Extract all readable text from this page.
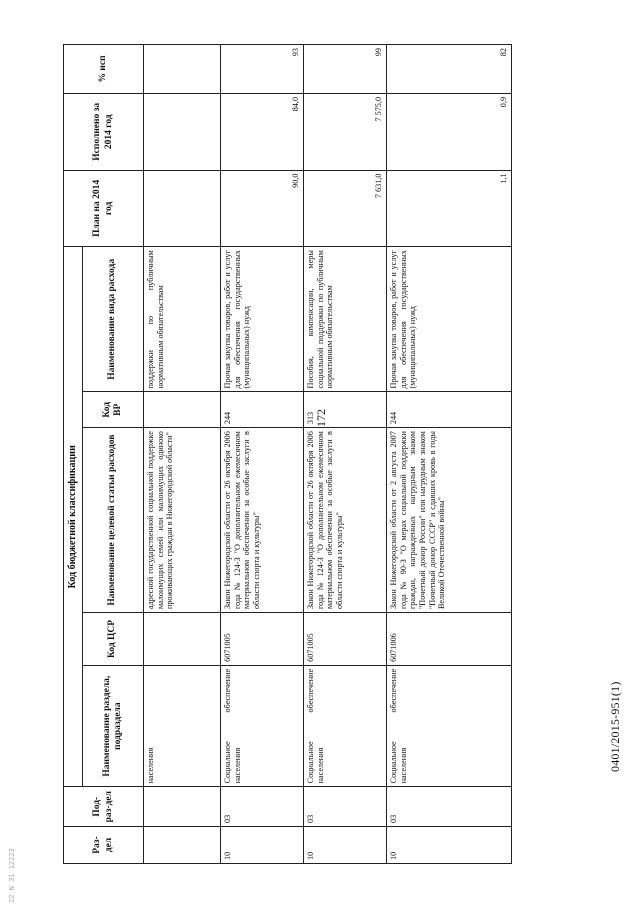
172
0401/2015-951(1)
22 N 31 12223
Раз-дел	Под-раз-дел	Код бюджетной классификации					План на 2014 год	Исполнено за 2014 год	% исп
		Наименование раздела, подраздела	Код ЦСР	Наименование целевой статьи расходов	Код ВР	Наименование вида расхода			
		населения		адресной государственной социальной поддержке малоимущих семей или малоимущих одиноко проживающих граждан в Нижегородской области"		поддержки по публичным нормативным обязательствам			
10	03	Социальное обеспечение населения	6071005	Закон Нижегородской области от 26 октября 2006 года № 124-З "О дополнительном ежемесячном материальном обеспечении за особые заслуги в области спорта и культуры"	244	Прочая закупка товаров, работ и услуг для обеспечения государственных (муниципальных) нужд	90,0	84,0	93
10	03	Социальное обеспечение населения	6071005	Закон Нижегородской области от 26 октября 2006 года № 124-З "О дополнительном ежемесячном материальном обеспечении за особые заслуги в области спорта и культуры"	313	Пособия, компенсации, меры социальной поддержки по публичным нормативным обязательствам	7 631,0	7 575,0	99
10	03	Социальное обеспечение населения	6071006	Закон Нижегородской области от 2 августа 2007 года № 90-З "О мерах социальной поддержки граждан, награжденных нагрудным знаком "Почетный донор России" или нагрудным знаком "Почетный донор СССР" и сдавших кровь в годы Великой Отечественной войны"	244	Прочая закупка товаров, работ и услуг для обеспечения государственных (муниципальных) нужд	1,1	0,9	82
